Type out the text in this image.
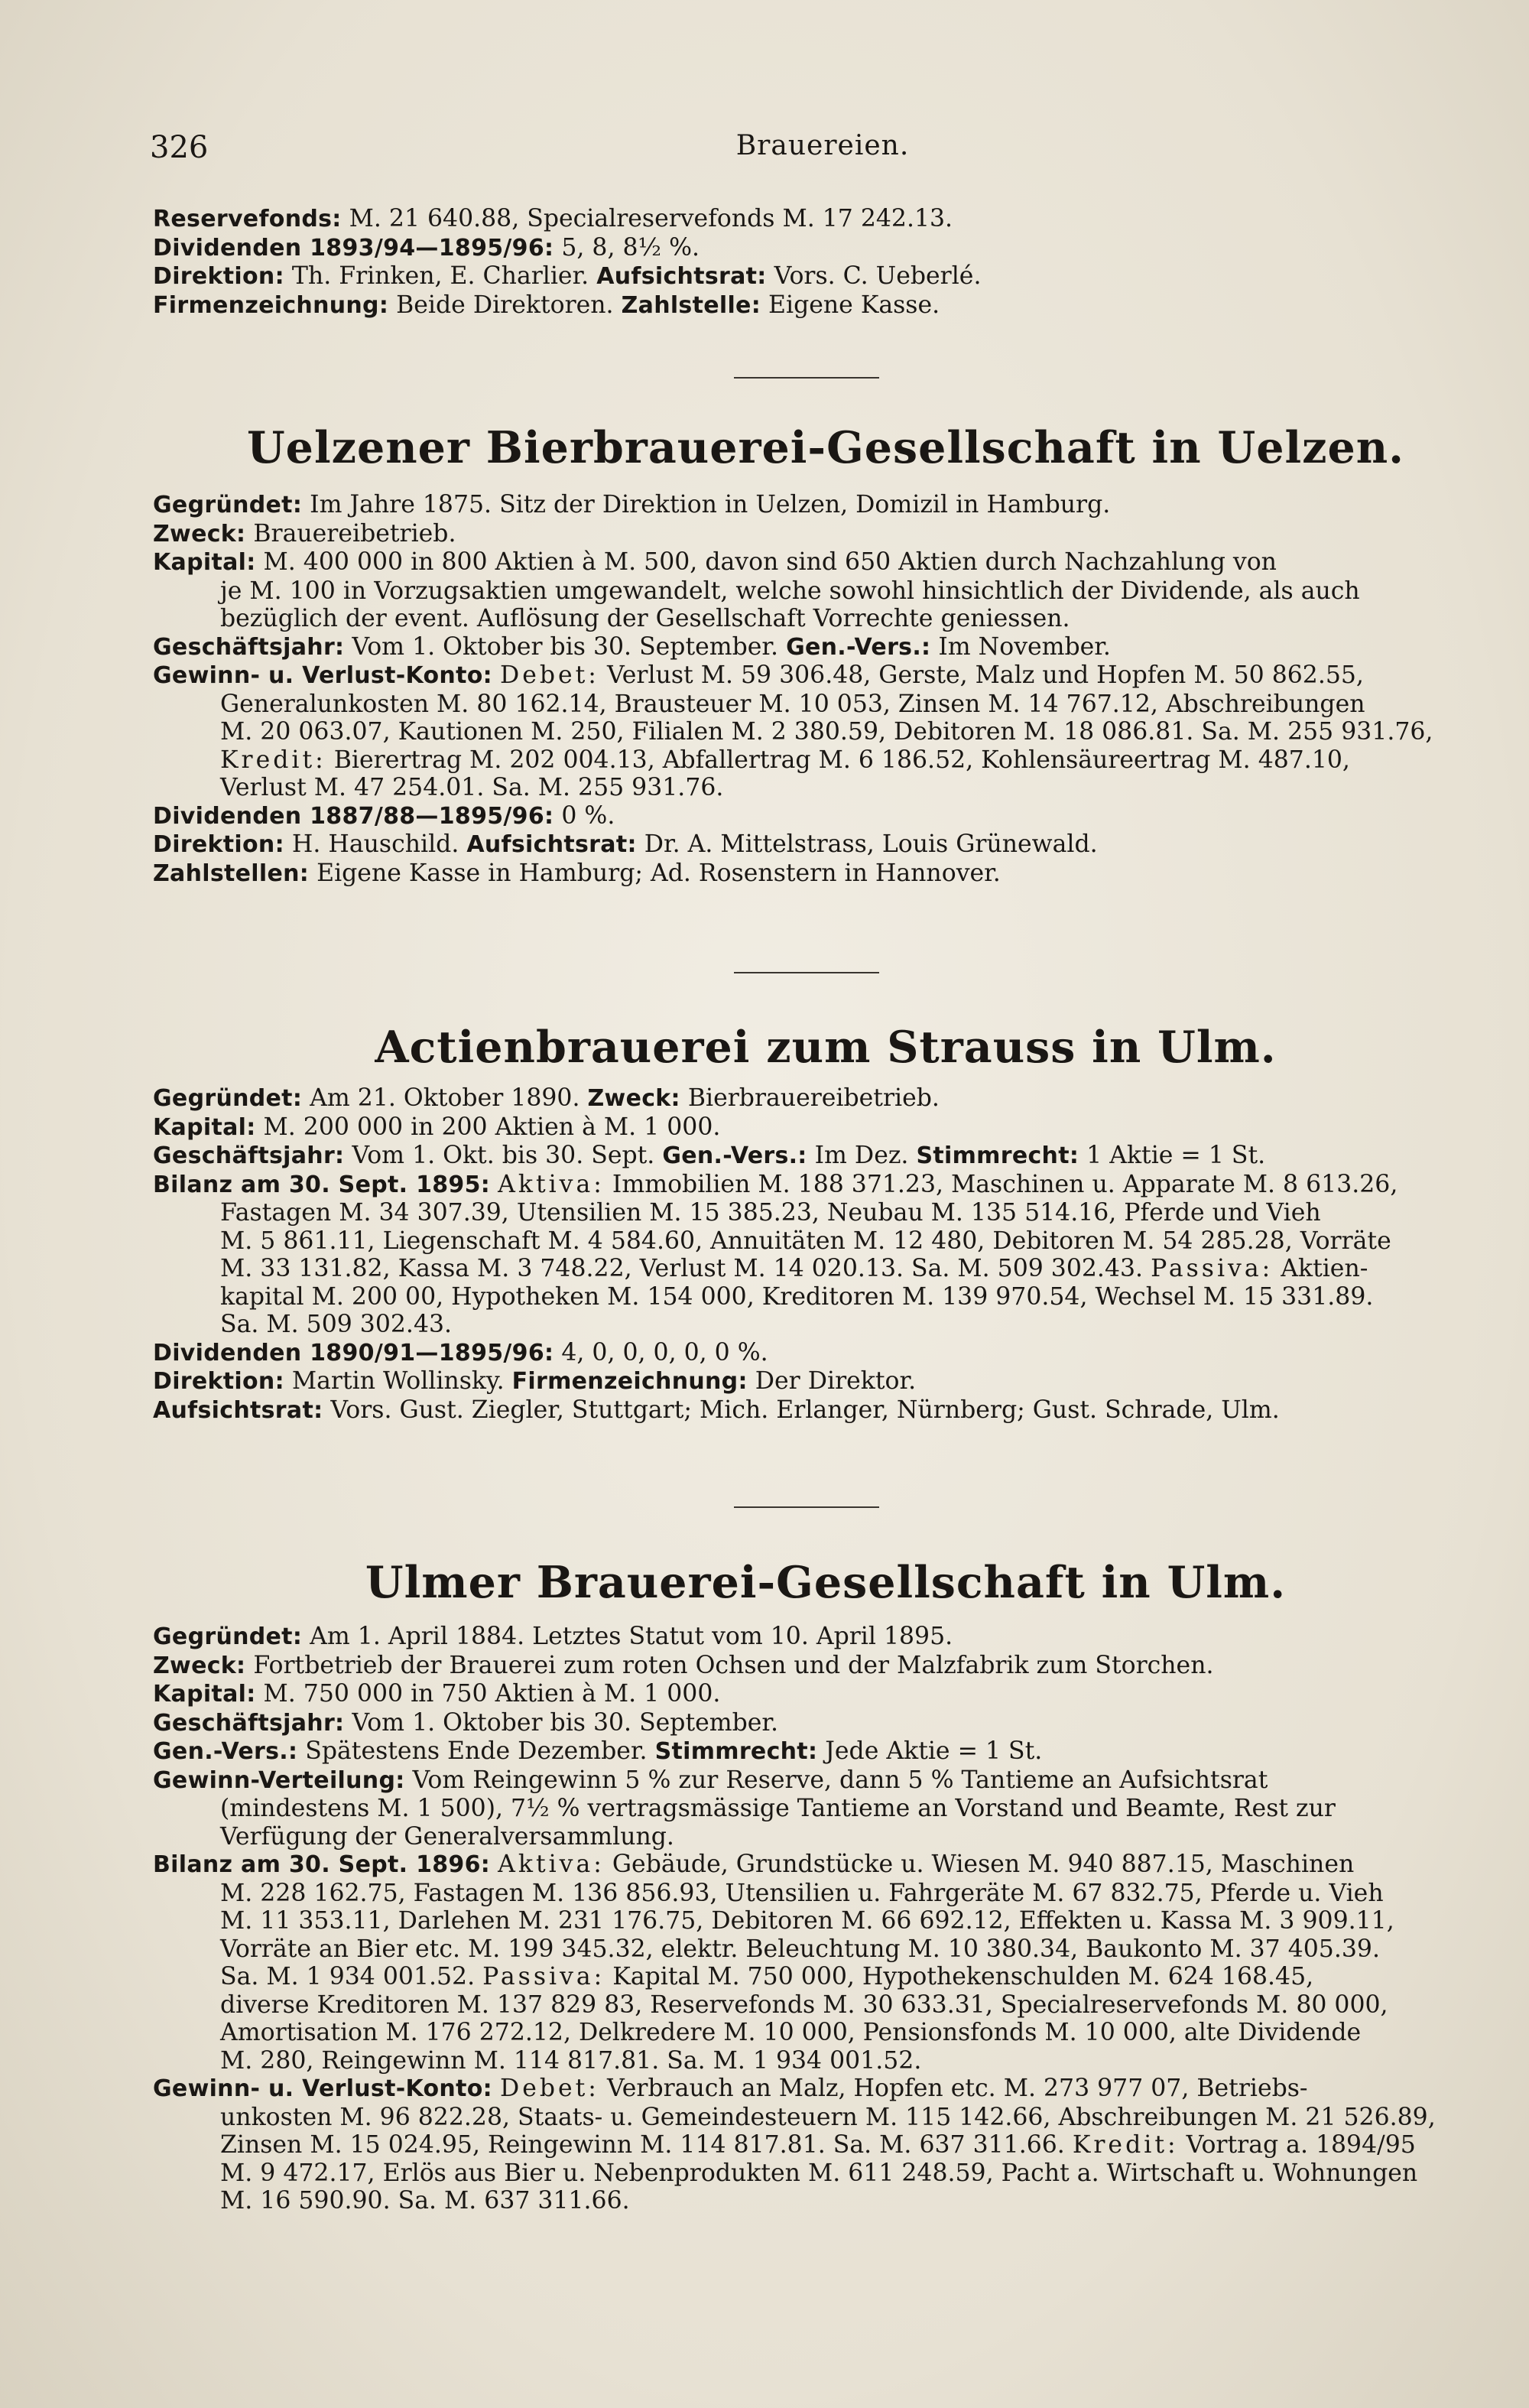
326	Brauereien.

Reservefonds: M. 21 640.88, Specialreservefonds M. 17 242.13.

Dividenden 1893/94—1895/96: 5, 8, 8½ %.

Direktion: Th. Frinken, E. Charlier. Aufsichtsrat: Vors. C. Ueberlé.

Firmenzeichnung: Beide Direktoren. Zahlstelle: Eigene Kasse.

Uelzener Bierbrauerei-Gesellschaft in Uelzen.

Gegründet: Im Jahre 1875. Sitz der Direktion in Uelzen, Domizil in Hamburg.

Zweck: Brauereibetrieb.

Kapital: M. 400 000 in 800 Aktien à M. 500, davon sind 650 Aktien durch Nachzahlung von

je M. 100 in Vorzugsaktien umgewandelt, welche sowohl hinsichtlich der Dividende, als auch

bezüglich der event. Auflösung der Gesellschaft Vorrechte geniessen.

Geschäftsjahr: Vom 1. Oktober bis 30. September. Gen.-Vers.: Im November.

Gewinn- u. Verlust-Konto: Debet: Verlust M. 59 306.48, Gerste, Malz und Hopfen M. 50 862.55,

Generalunkosten M. 80 162.14, Brausteuer M. 10 053, Zinsen M. 14 767.12, Abschreibungen

M. 20 063.07, Kautionen M. 250, Filialen M. 2 380.59, Debitoren M. 18 086.81. Sa. M. 255 931.76,

Kredit: Bierertrag M. 202 004.13, Abfallertrag M. 6 186.52, Kohlensäureertrag M. 487.10,

Verlust M. 47 254.01. Sa. M. 255 931.76.

Dividenden 1887/88—1895/96: 0 %.

Direktion: H. Hauschild. Aufsichtsrat: Dr. A. Mittelstrass, Louis Grünewald.

Zahlstellen: Eigene Kasse in Hamburg; Ad. Rosenstern in Hannover.

Actienbrauerei zum Strauss in Ulm.

Gegründet: Am 21. Oktober 1890. Zweck: Bierbrauereibetrieb.

Kapital: M. 200 000 in 200 Aktien à M. 1 000.

Geschäftsjahr: Vom 1. Okt. bis 30. Sept. Gen.-Vers.: Im Dez. Stimmrecht: 1 Aktie = 1 St.

Bilanz am 30. Sept. 1895: Aktiva: Immobilien M. 188 371.23, Maschinen u. Apparate M. 8 613.26,

Fastagen M. 34 307.39, Utensilien M. 15 385.23, Neubau M. 135 514.16, Pferde und Vieh

M. 5 861.11, Liegenschaft M. 4 584.60, Annuitäten M. 12 480, Debitoren M. 54 285.28, Vorräte

M. 33 131.82, Kassa M. 3 748.22, Verlust M. 14 020.13. Sa. M. 509 302.43. Passiva: Aktien-

kapital M. 200 00, Hypotheken M. 154 000, Kreditoren M. 139 970.54, Wechsel M. 15 331.89.

Sa. M. 509 302.43.

Dividenden 1890/91—1895/96: 4, 0, 0, 0, 0, 0 %.

Direktion: Martin Wollinsky. Firmenzeichnung: Der Direktor.

Aufsichtsrat: Vors. Gust. Ziegler, Stuttgart; Mich. Erlanger, Nürnberg; Gust. Schrade, Ulm.

Ulmer Brauerei-Gesellschaft in Ulm.

Gegründet: Am 1. April 1884. Letztes Statut vom 10. April 1895.

Zweck: Fortbetrieb der Brauerei zum roten Ochsen und der Malzfabrik zum Storchen.

Kapital: M. 750 000 in 750 Aktien à M. 1 000.

Geschäftsjahr: Vom 1. Oktober bis 30. September.

Gen.-Vers.: Spätestens Ende Dezember. Stimmrecht: Jede Aktie = 1 St.

Gewinn-Verteilung: Vom Reingewinn 5 % zur Reserve, dann 5 % Tantieme an Aufsichtsrat

(mindestens M. 1 500), 7½ % vertragsmässige Tantieme an Vorstand und Beamte, Rest zur

Verfügung der Generalversammlung.

Bilanz am 30. Sept. 1896: Aktiva: Gebäude, Grundstücke u. Wiesen M. 940 887.15, Maschinen

M. 228 162.75, Fastagen M. 136 856.93, Utensilien u. Fahrgeräte M. 67 832.75, Pferde u. Vieh

M. 11 353.11, Darlehen M. 231 176.75, Debitoren M. 66 692.12, Effekten u. Kassa M. 3 909.11,

Vorräte an Bier etc. M. 199 345.32, elektr. Beleuchtung M. 10 380.34, Baukonto M. 37 405.39.

Sa. M. 1 934 001.52. Passiva: Kapital M. 750 000, Hypothekenschulden M. 624 168.45,

diverse Kreditoren M. 137 829 83, Reservefonds M. 30 633.31, Specialreservefonds M. 80 000,

Amortisation M. 176 272.12, Delkredere M. 10 000, Pensionsfonds M. 10 000, alte Dividende

M. 280, Reingewinn M. 114 817.81. Sa. M. 1 934 001.52.

Gewinn- u. Verlust-Konto: Debet: Verbrauch an Malz, Hopfen etc. M. 273 977 07, Betriebs-

unkosten M. 96 822.28, Staats- u. Gemeindesteuern M. 115 142.66, Abschreibungen M. 21 526.89,

Zinsen M. 15 024.95, Reingewinn M. 114 817.81. Sa. M. 637 311.66. Kredit: Vortrag a. 1894/95

M. 9 472.17, Erlös aus Bier u. Nebenprodukten M. 611 248.59, Pacht a. Wirtschaft u. Wohnungen

M. 16 590.90. Sa. M. 637 311.66.
